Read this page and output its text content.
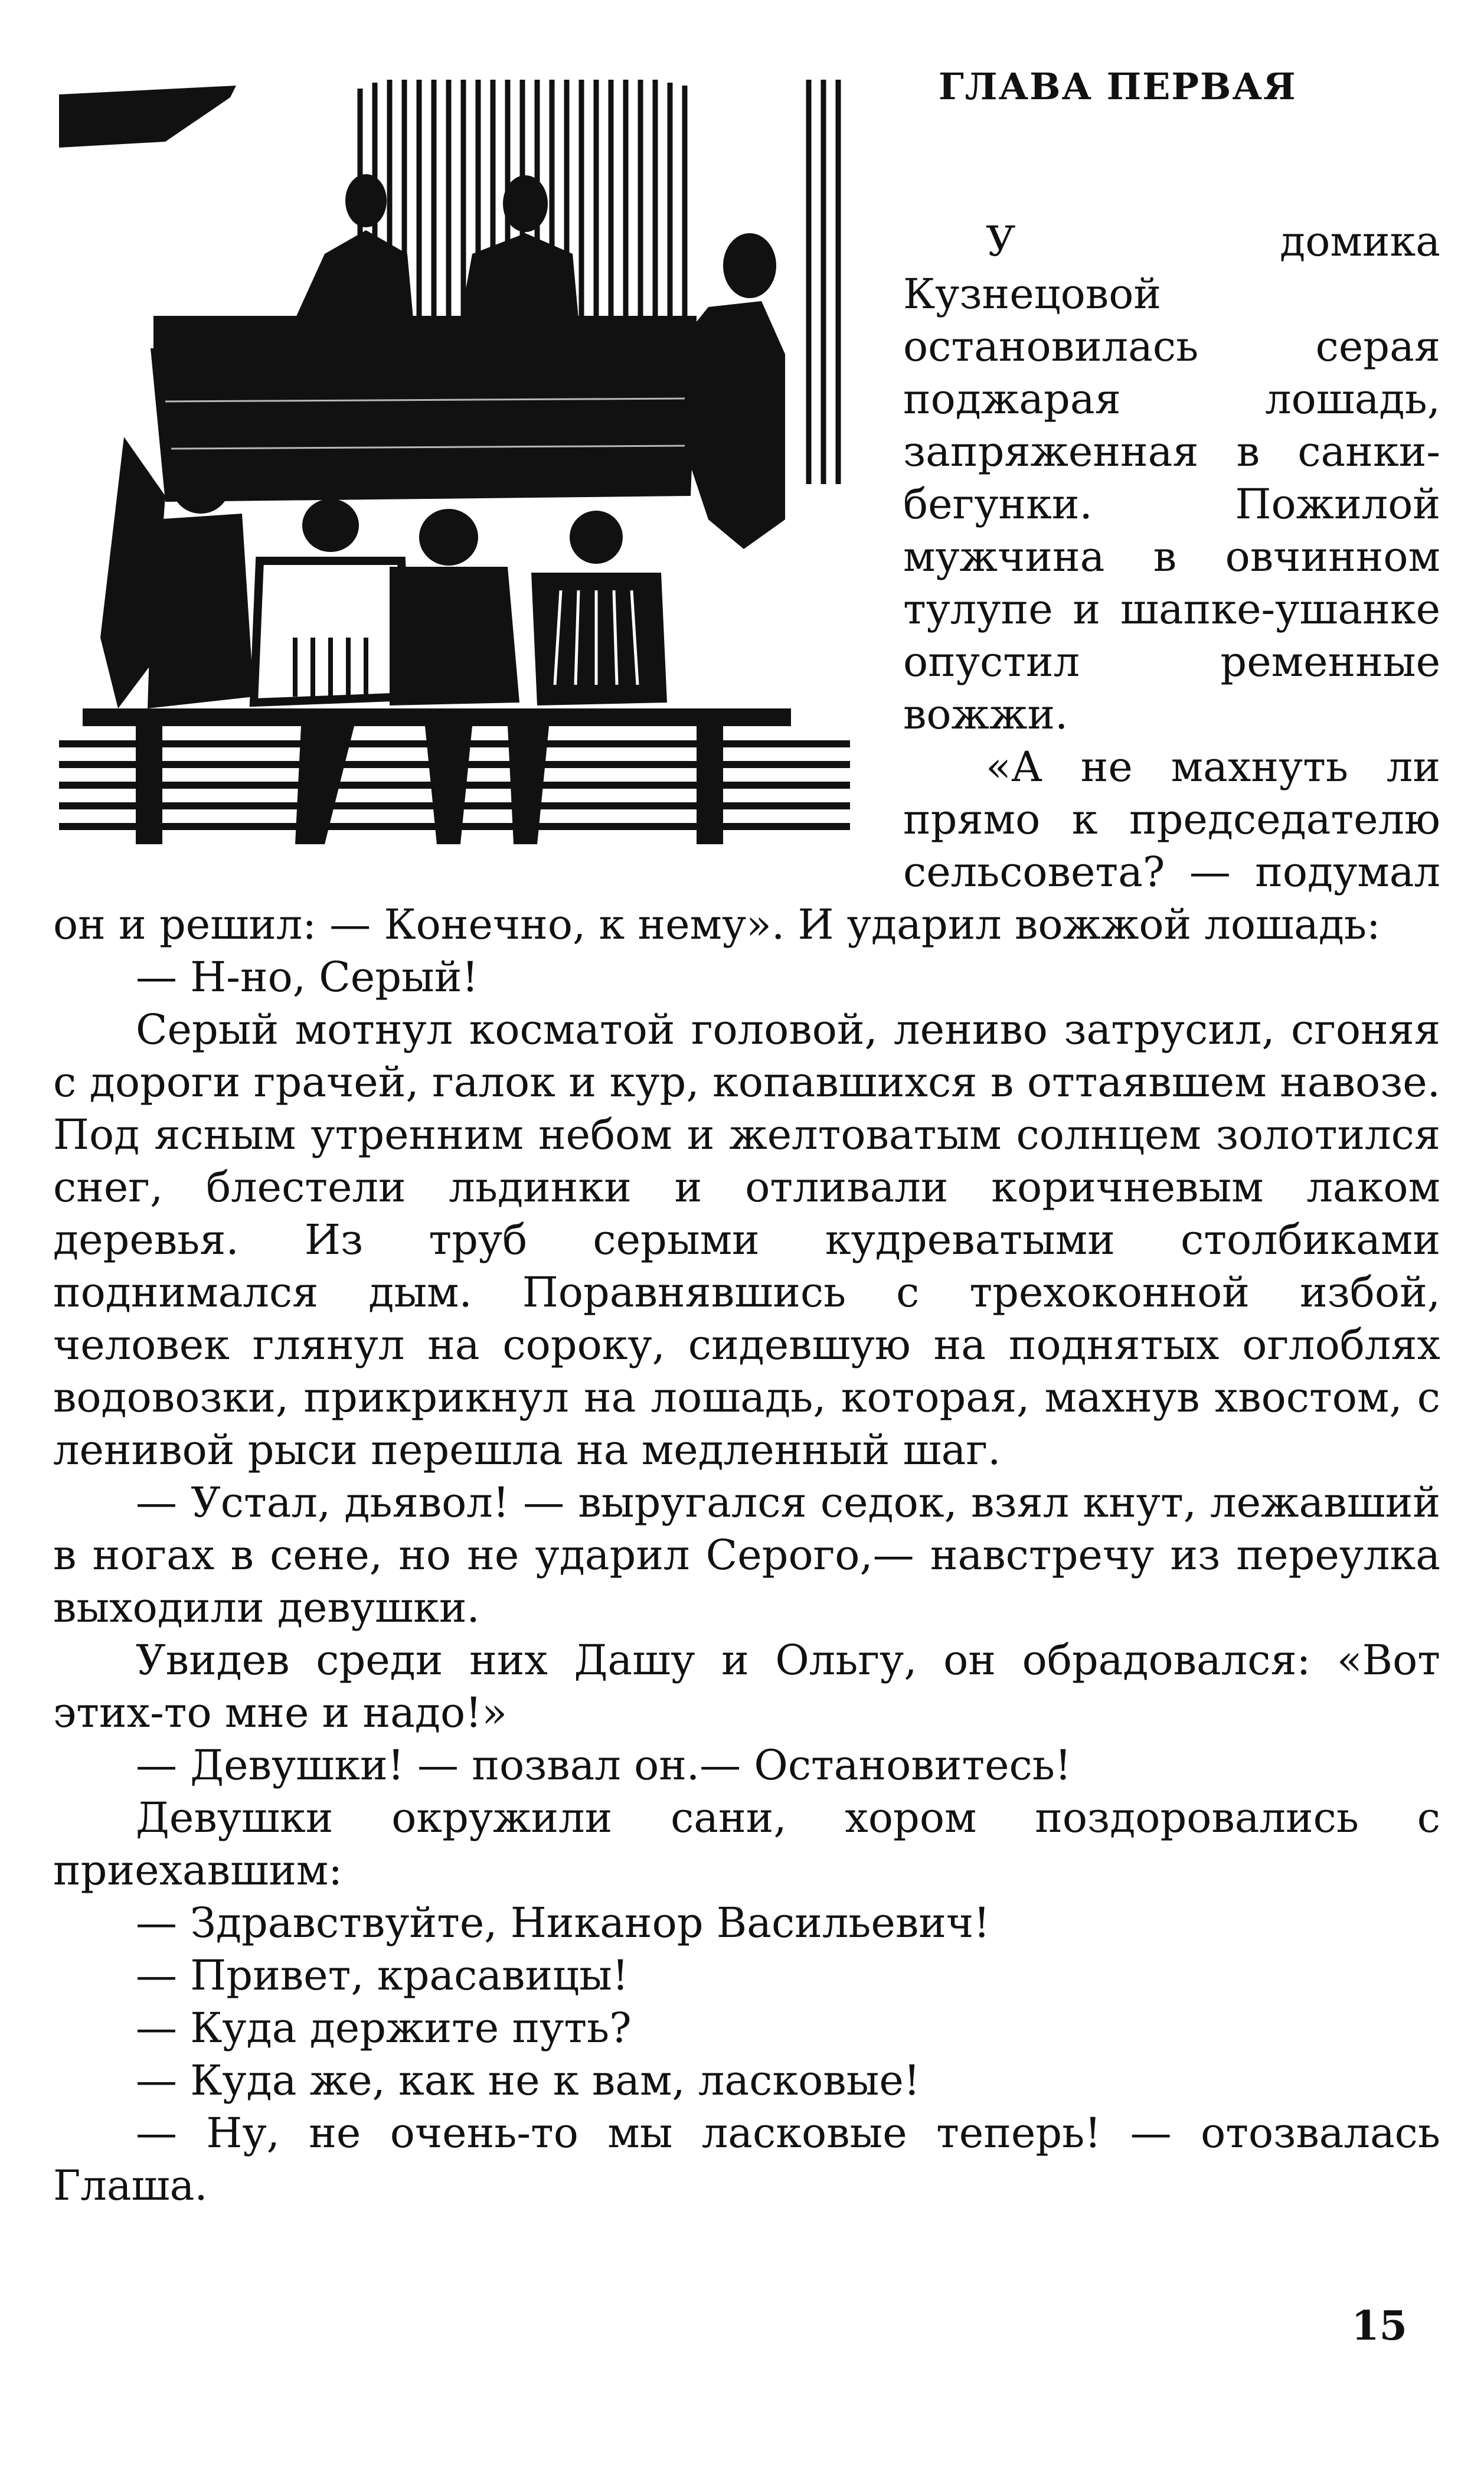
ГЛАВА ПЕРВАЯ

У домика Кузнецовой остановилась серая поджарая лошадь, запряженная в санки-бегунки. Пожилой мужчина в овчинном тулупе и шапке-ушанке опустил ременные вожжи.

«А не махнуть ли прямо к председателю сельсовета? — подумал он и решил: — Конечно, к нему». И ударил вожжой лошадь:

— Н-но, Серый!

Серый мотнул косматой головой, лениво затрусил, сгоняя с дороги грачей, галок и кур, копавшихся в оттаявшем навозе. Под ясным утренним небом и желтоватым солнцем золотился снег, блестели льдинки и отливали коричневым лаком деревья. Из труб серыми кудреватыми столбиками поднимался дым. Поравнявшись с трехоконной избой, человек глянул на сороку, сидевшую на поднятых оглоблях водовозки, прикрикнул на лошадь, которая, махнув хвостом, с ленивой рыси перешла на медленный шаг.

— Устал, дьявол! — выругался седок, взял кнут, лежавший в ногах в сене, но не ударил Серого,— навстречу из переулка выходили девушки.

Увидев среди них Дашу и Ольгу, он обрадовался: «Вот этих-то мне и надо!»

— Девушки! — позвал он.— Остановитесь!

Девушки окружили сани, хором поздоровались с приехавшим:

— Здравствуйте, Никанор Васильевич!

— Привет, красавицы!

— Куда держите путь?

— Куда же, как не к вам, ласковые!

— Ну, не очень-то мы ласковые теперь! — отозвалась Глаша.

15
